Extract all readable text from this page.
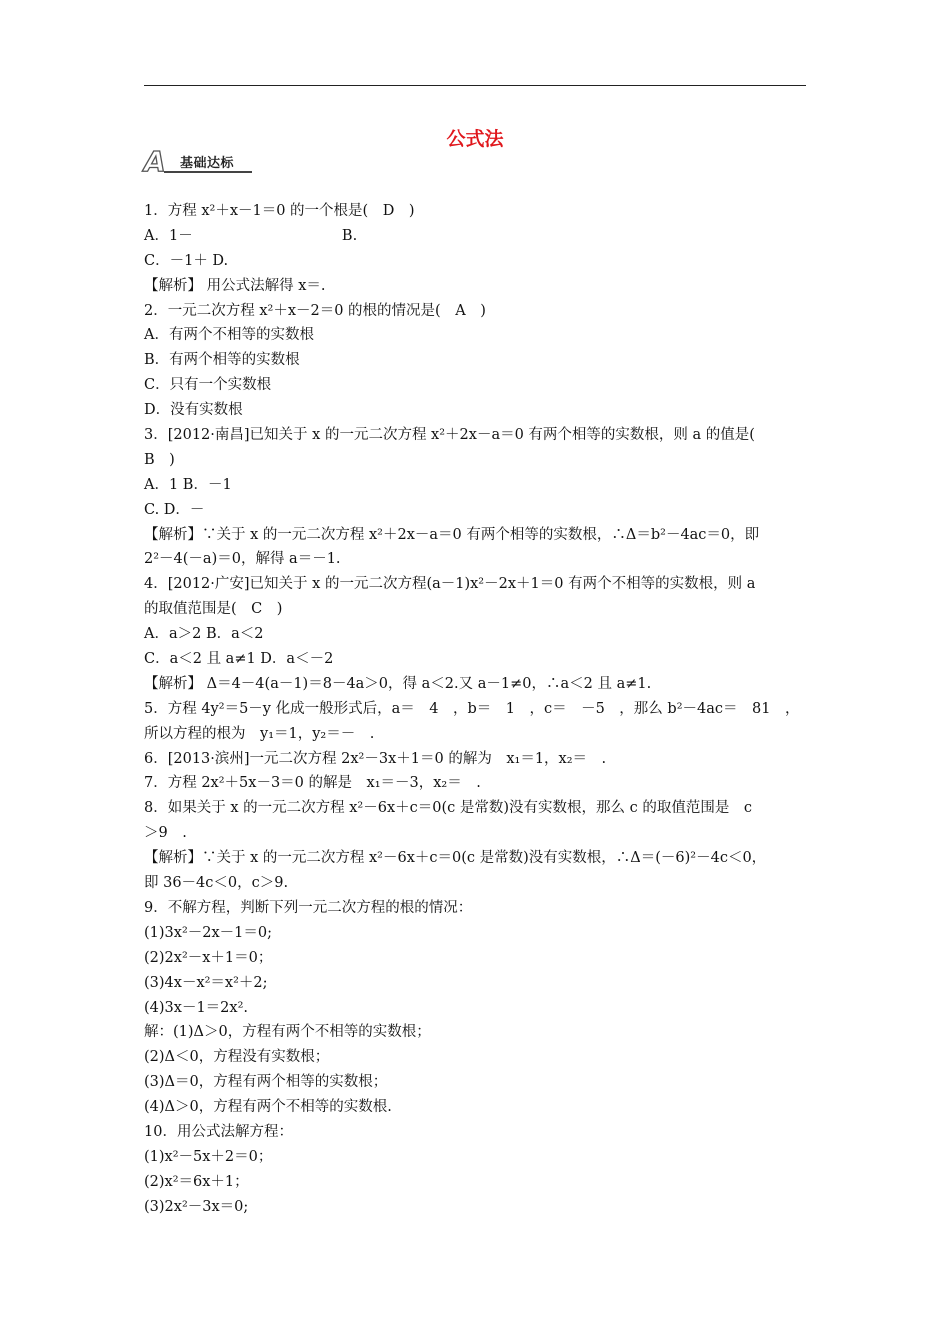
公式法
A 基础达标
1．方程 x²＋x－1＝0 的一个根是(　D　)
A．1－	B.
C．－1＋ D.
【解析】 用公式法解得 x＝.
2．一元二次方程 x²＋x－2＝0 的根的情况是(　A　)
A．有两个不相等的实数根
B．有两个相等的实数根
C．只有一个实数根
D．没有实数根
3．[2012·南昌]已知关于 x 的一元二次方程 x²＋2x－a＝0 有两个相等的实数根，则 a 的值是(
B　)
A．1 B．－1
C. D．－
【解析】∵关于 x 的一元二次方程 x²＋2x－a＝0 有两个相等的实数根，∴Δ＝b²－4ac＝0，即
2²－4(－a)＝0，解得 a＝－1.
4．[2012·广安]已知关于 x 的一元二次方程(a－1)x²－2x＋1＝0 有两个不相等的实数根，则 a
的取值范围是(　C　)
A．a＞2 B．a＜2
C．a＜2 且 a≠1 D．a＜－2
【解析】 Δ＝4－4(a－1)＝8－4a＞0，得 a＜2.又 a－1≠0，∴a＜2 且 a≠1.
5．方程 4y²＝5－y 化成一般形式后，a＝　4　，b＝　1　，c＝　－5　，那么 b²－4ac＝　81　，
所以方程的根为　y₁＝1，y₂＝－　.
6．[2013·滨州]一元二次方程 2x²－3x＋1＝0 的解为　x₁＝1，x₂＝　.
7．方程 2x²＋5x－3＝0 的解是　x₁＝－3，x₂＝　.
8．如果关于 x 的一元二次方程 x²－6x＋c＝0(c 是常数)没有实数根，那么 c 的取值范围是　c
＞9　.
【解析】∵关于 x 的一元二次方程 x²－6x＋c＝0(c 是常数)没有实数根，∴Δ＝(－6)²－4c＜0，
即 36－4c＜0，c＞9.
9．不解方程，判断下列一元二次方程的根的情况：
(1)3x²－2x－1＝0;
(2)2x²－x＋1＝0；
(3)4x－x²＝x²＋2;
(4)3x－1＝2x².
解：(1)Δ＞0，方程有两个不相等的实数根；
(2)Δ＜0，方程没有实数根；
(3)Δ＝0，方程有两个相等的实数根；
(4)Δ＞0，方程有两个不相等的实数根.
10．用公式法解方程：
(1)x²－5x＋2＝0；
(2)x²＝6x＋1；
(3)2x²－3x＝0;
